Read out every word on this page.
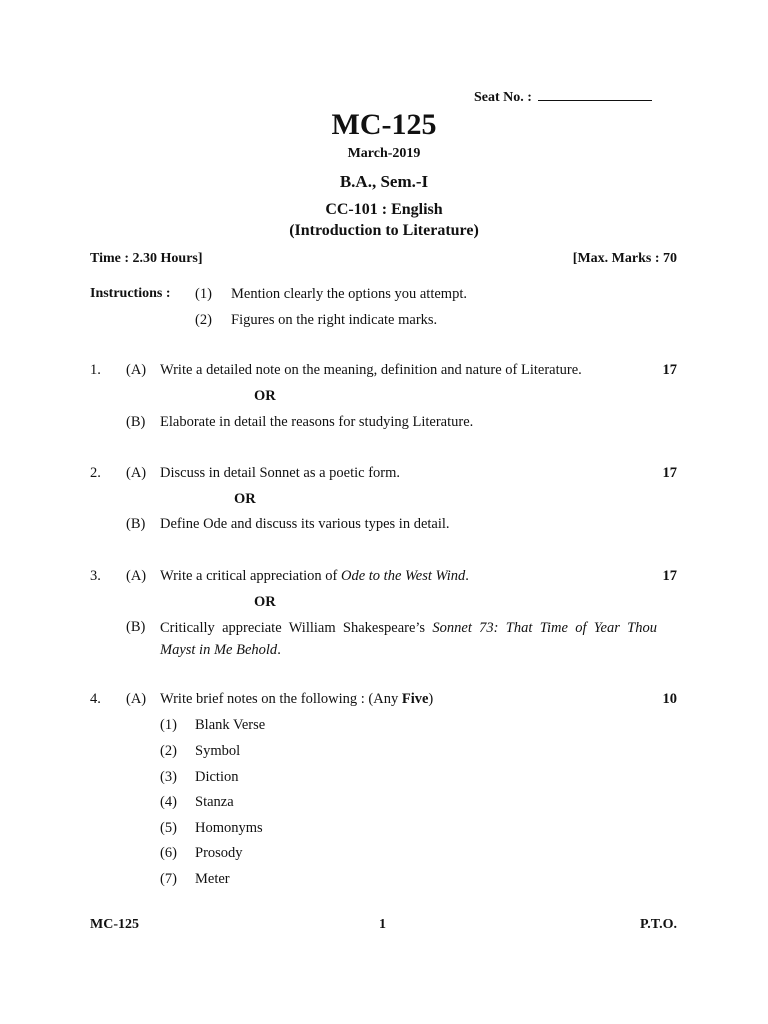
Seat No. :
MC-125
March-2019
B.A., Sem.-I
CC-101 : English
(Introduction to Literature)
Time : 2.30 Hours]	[Max. Marks : 70
Instructions : (1) Mention clearly the options you attempt.
(2) Figures on the right indicate marks.
1. (A) Write a detailed note on the meaning, definition and nature of Literature.	17
OR
(B) Elaborate in detail the reasons for studying Literature.
2. (A) Discuss in detail Sonnet as a poetic form.	17
OR
(B) Define Ode and discuss its various types in detail.
3. (A) Write a critical appreciation of Ode to the West Wind.	17
OR
(B) Critically appreciate William Shakespeare’s Sonnet 73: That Time of Year Thou Mayst in Me Behold.
4. (A) Write brief notes on the following : (Any Five)	10
(1) Blank Verse
(2) Symbol
(3) Diction
(4) Stanza
(5) Homonyms
(6) Prosody
(7) Meter
MC-125	1	P.T.O.
